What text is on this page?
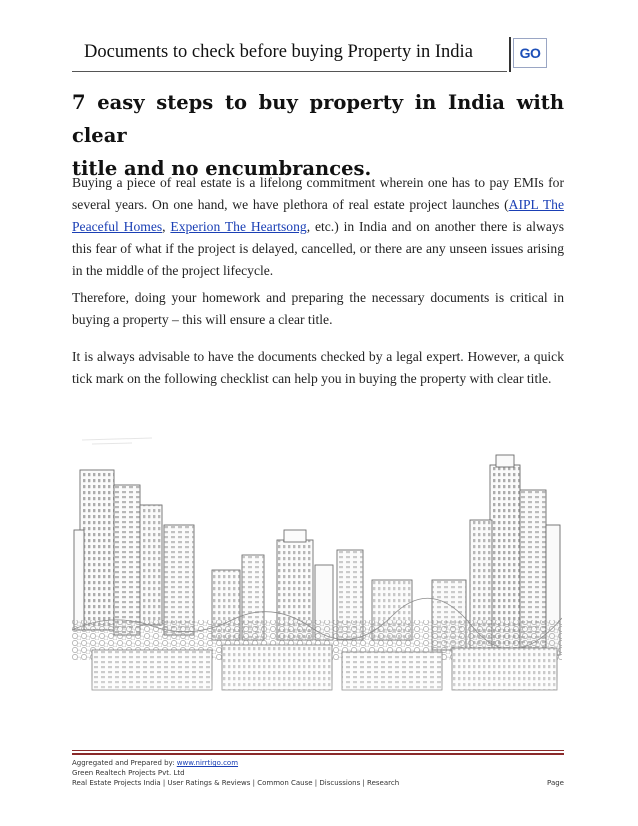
Documents to check before buying Property in India	GO
7 easy steps to buy property in India with clear
title and no encumbrances.
Buying a piece of real estate is a lifelong commitment wherein one has to pay EMIs for several years. On one hand, we have plethora of real estate project launches (AIPL The Peaceful Homes, Experion The Heartsong, etc.) in India and on another there is always this fear of what if the project is delayed, cancelled, or there are any unseen issues arising in the middle of the project lifecycle.
Therefore, doing your homework and preparing the necessary documents is critical in buying a property – this will ensure a clear title.
It is always advisable to have the documents checked by a legal expert. However, a quick tick mark on the following checklist can help you in buying the property with clear title.
Aggregated and Prepared by: www.nirrtigo.com
Green Realtech Projects Pvt. Ltd
Real Estate Projects India | User Ratings & Reviews | Common Cause | Discussions | Research	Page
